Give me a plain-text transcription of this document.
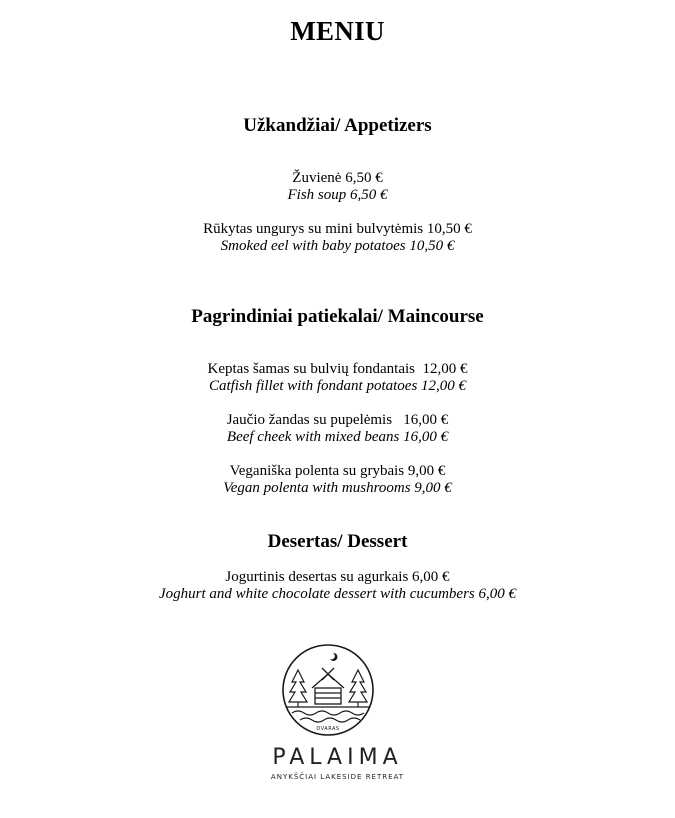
MENIU
Užkandžiai/ Appetizers
Žuvienė 6,50 €
Fish soup 6,50 €
Rūkytas ungurys su mini bulvytėmis 10,50 €
Smoked eel with baby potatoes 10,50 €
Pagrindiniai patiekalai/ Maincourse
Keptas šamas su bulvių fondantais  12,00 €
Catfish fillet with fondant potatoes 12,00 €
Jaučio žandas su pupelėmis   16,00 €
Beef cheek with mixed beans 16,00 €
Veganiška polenta su grybais 9,00 €
Vegan polenta with mushrooms 9,00 €
Desertas/ Dessert
Jogurtinis desertas su agurkais 6,00 €
Joghurt and white chocolate dessert with cucumbers 6,00 €
DVARAS
PALAIMA
ANYKŠČIAI LAKESIDE RETREAT
